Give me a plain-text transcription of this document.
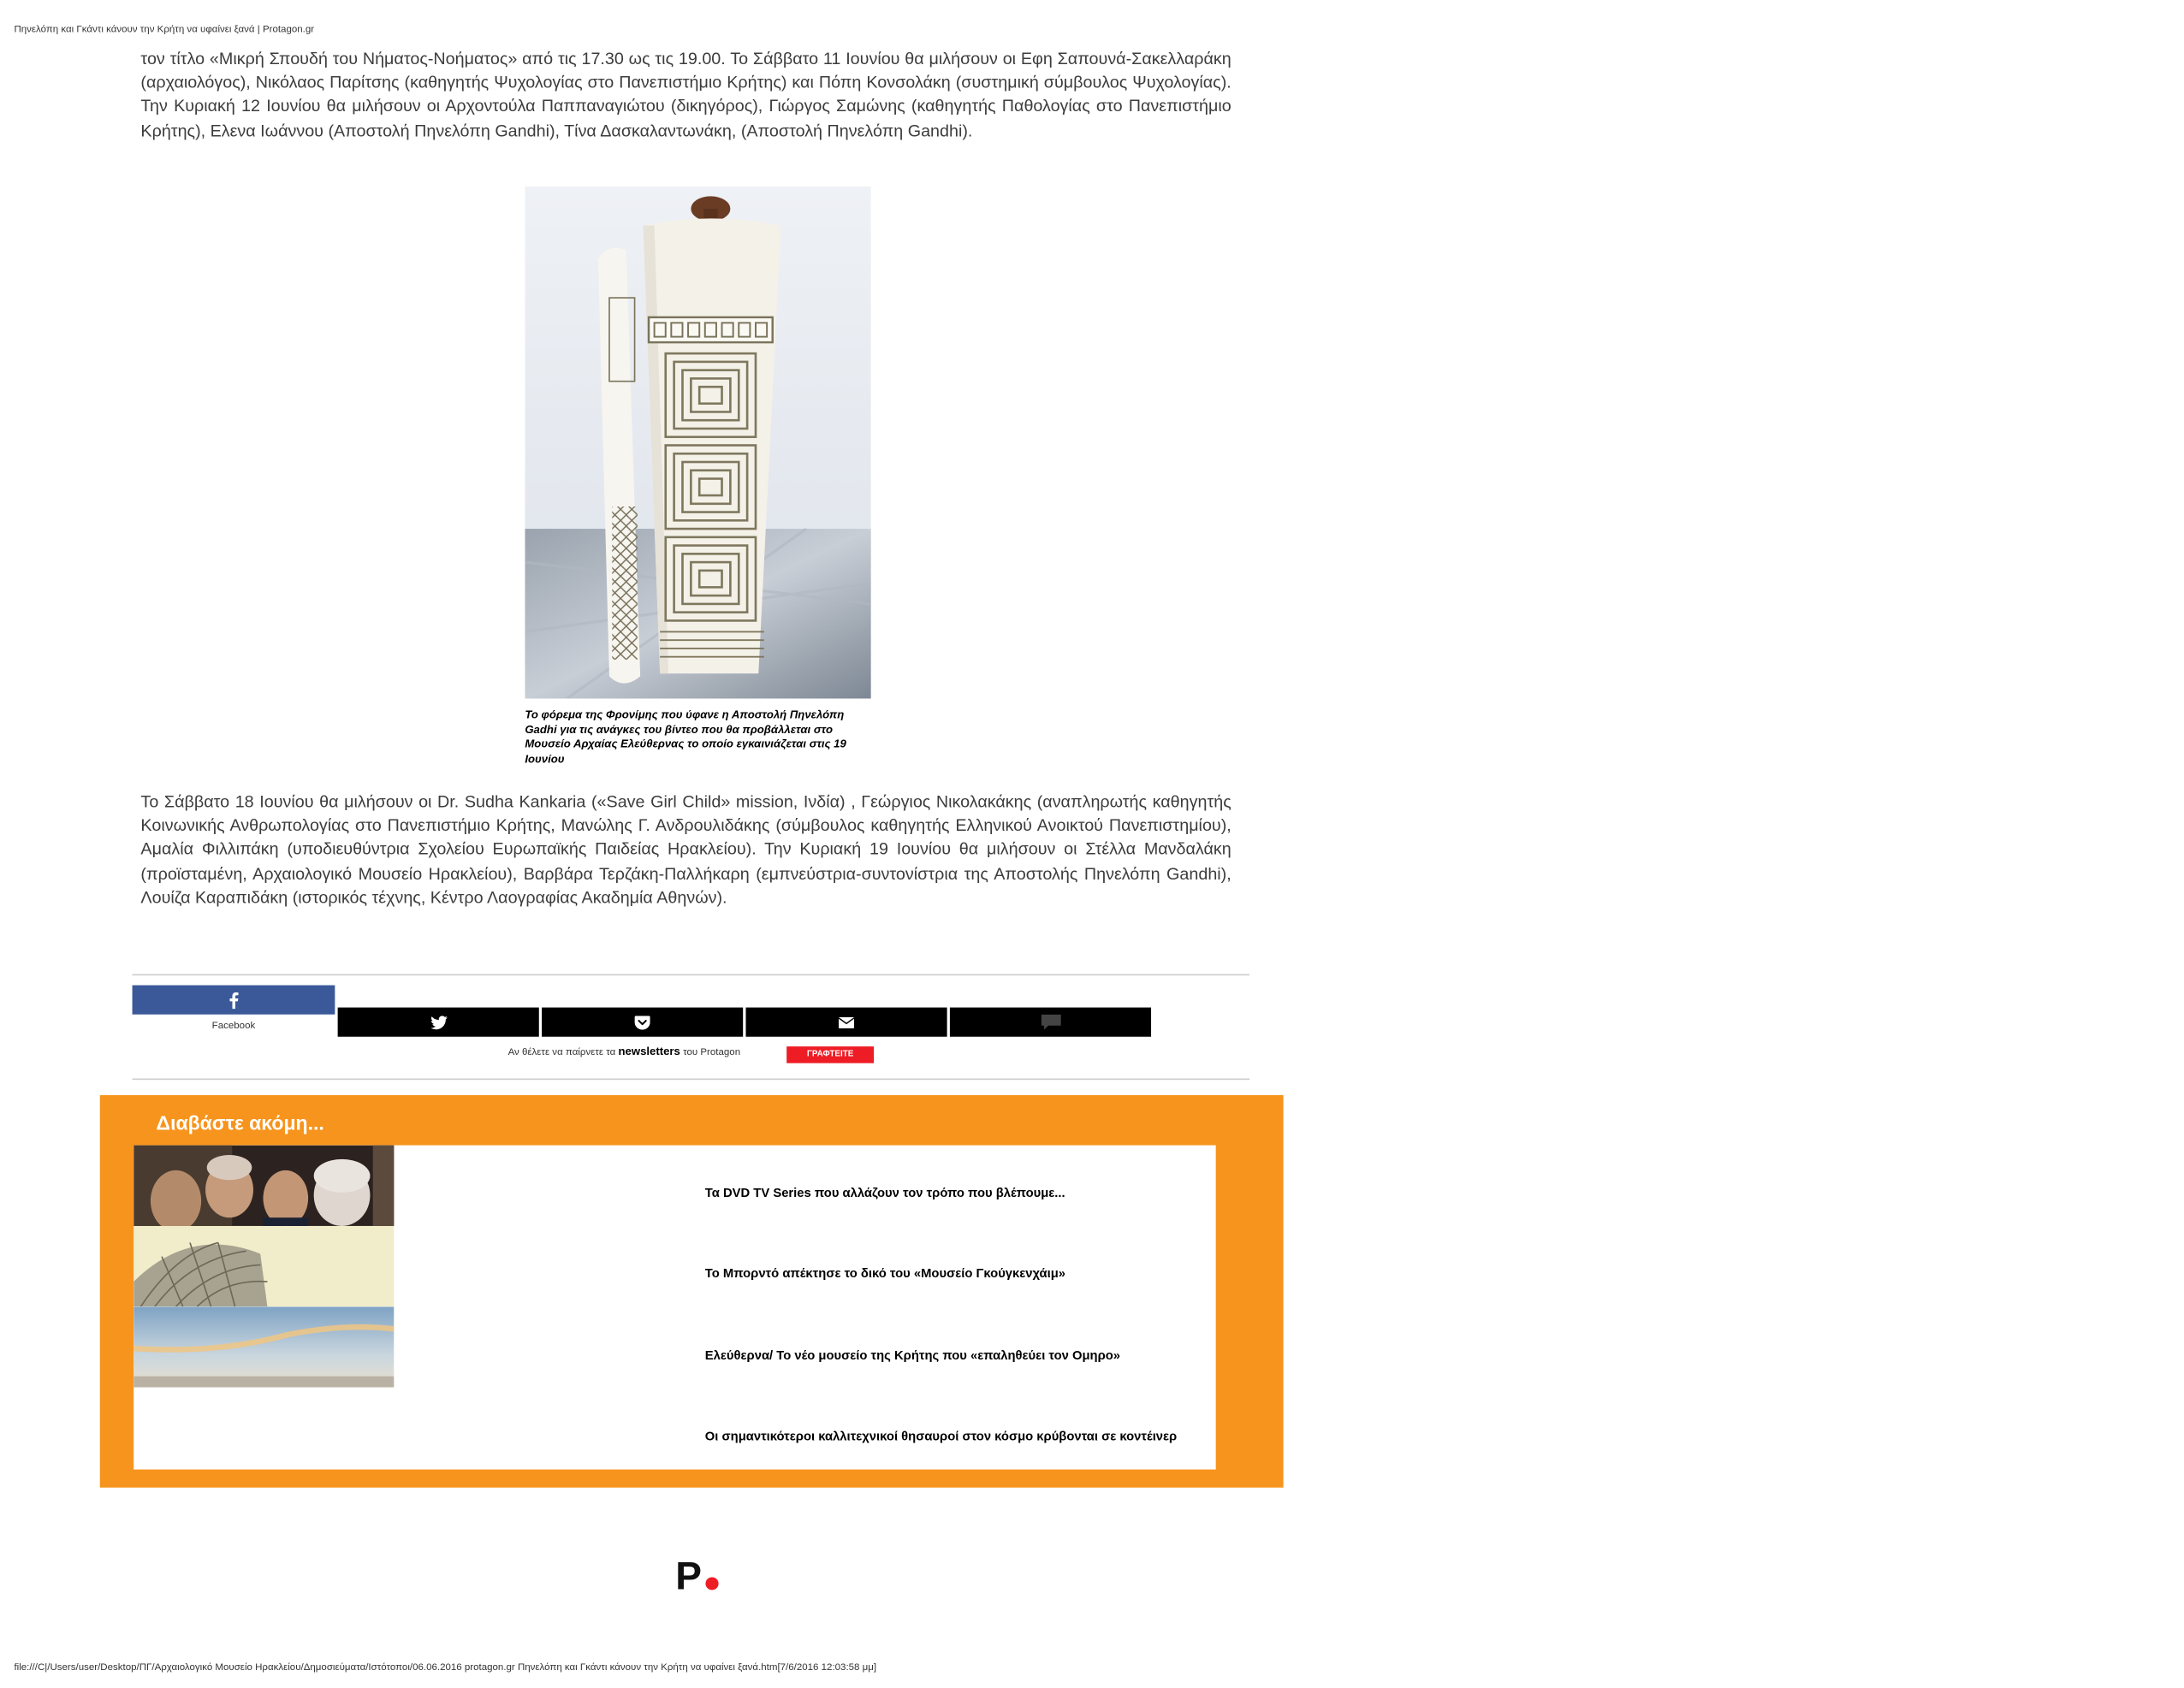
Πηνελόπη και Γκάντι κάνουν την Κρήτη να υφαίνει ξανά | Protagon.gr

τον τίτλο «Μικρή Σπουδή του Νήματος-Νοήματος» από τις 17.30 ως τις 19.00. Το Σάββατο 11 Ιουνίου θα μιλήσουν οι Εφη Σαπουνά-Σακελλαράκη (αρχαιολόγος), Νικόλαος Παρίτσης (καθηγητής Ψυχολογίας στο Πανεπιστήμιο Κρήτης) και Πόπη Κονσολάκη (συστημική σύμβουλος Ψυχολογίας). Την Κυριακή 12 Ιουνίου θα μιλήσουν οι Αρχοντούλα Παππαναγιώτου (δικηγόρος), Γιώργος Σαμώνης (καθηγητής Παθολογίας στο Πανεπιστήμιο Κρήτης), Ελενα Ιωάννου (Αποστολή Πηνελόπη Gandhi), Τίνα Δασκαλαντωνάκη, (Αποστολή Πηνελόπη Gandhi).

Το φόρεμα της Φρονίμης που ύφανε η Αποστολή Πηνελόπη Gadhi για τις ανάγκες του βίντεο που θα προβάλλεται στο Μουσείο Αρχαίας Ελεύθερνας το οποίο εγκαινιάζεται στις 19 Ιουνίου

Το Σάββατο 18 Ιουνίου θα μιλήσουν οι Dr. Sudha Kankaria («Save Girl Child» mission, Ινδία) , Γεώργιος Νικολακάκης (αναπληρωτής καθηγητής Κοινωνικής Ανθρωπολογίας στο Πανεπιστήμιο Κρήτης, Μανώλης Γ. Ανδρουλιδάκης (σύμβουλος καθηγητής Ελληνικού Ανοικτού Πανεπιστημίου), Αμαλία Φιλλιπάκη (υποδιευθύντρια Σχολείου Ευρωπαϊκής Παιδείας Ηρακλείου). Την Κυριακή 19 Ιουνίου θα μιλήσουν οι Στέλλα Μανδαλάκη (προϊσταμένη, Αρχαιολογικό Μουσείο Ηρακλείου), Βαρβάρα Τερζάκη-Παλλήκαρη (εμπνεύστρια-συντονίστρια της Αποστολής Πηνελόπη Gandhi), Λουίζα Καραπιδάκη (ιστορικός τέχνης, Κέντρο Λαογραφίας Ακαδημία Αθηνών).

Facebook
Αν θέλετε να παίρνετε τα newsletters του Protagon	ΓΡΑΦΤΕΙΤΕ
Διαβάστε ακόμη...
Τα DVD TV Series που αλλάζουν τον τρόπο που βλέπουμε...
Το Μπορντό απέκτησε το δικό του «Μουσείο Γκούγκενχάιμ»
Ελεύθερνα/ Το νέο μουσείο της Κρήτης που «επαληθεύει τον Ομηρο»
Οι σημαντικότεροι καλλιτεχνικοί θησαυροί στον κόσμο κρύβονται σε κοντέινερ
P
file:///C|/Users/user/Desktop/ΠΓ/Αρχαιολογικό Μουσείο Ηρακλείου/Δημοσιεύματα/Ιστότοποι/06.06.2016 protagon.gr Πηνελόπη και Γκάντι κάνουν την Κρήτη να υφαίνει ξανά.htm[7/6/2016 12:03:58 μμ]
